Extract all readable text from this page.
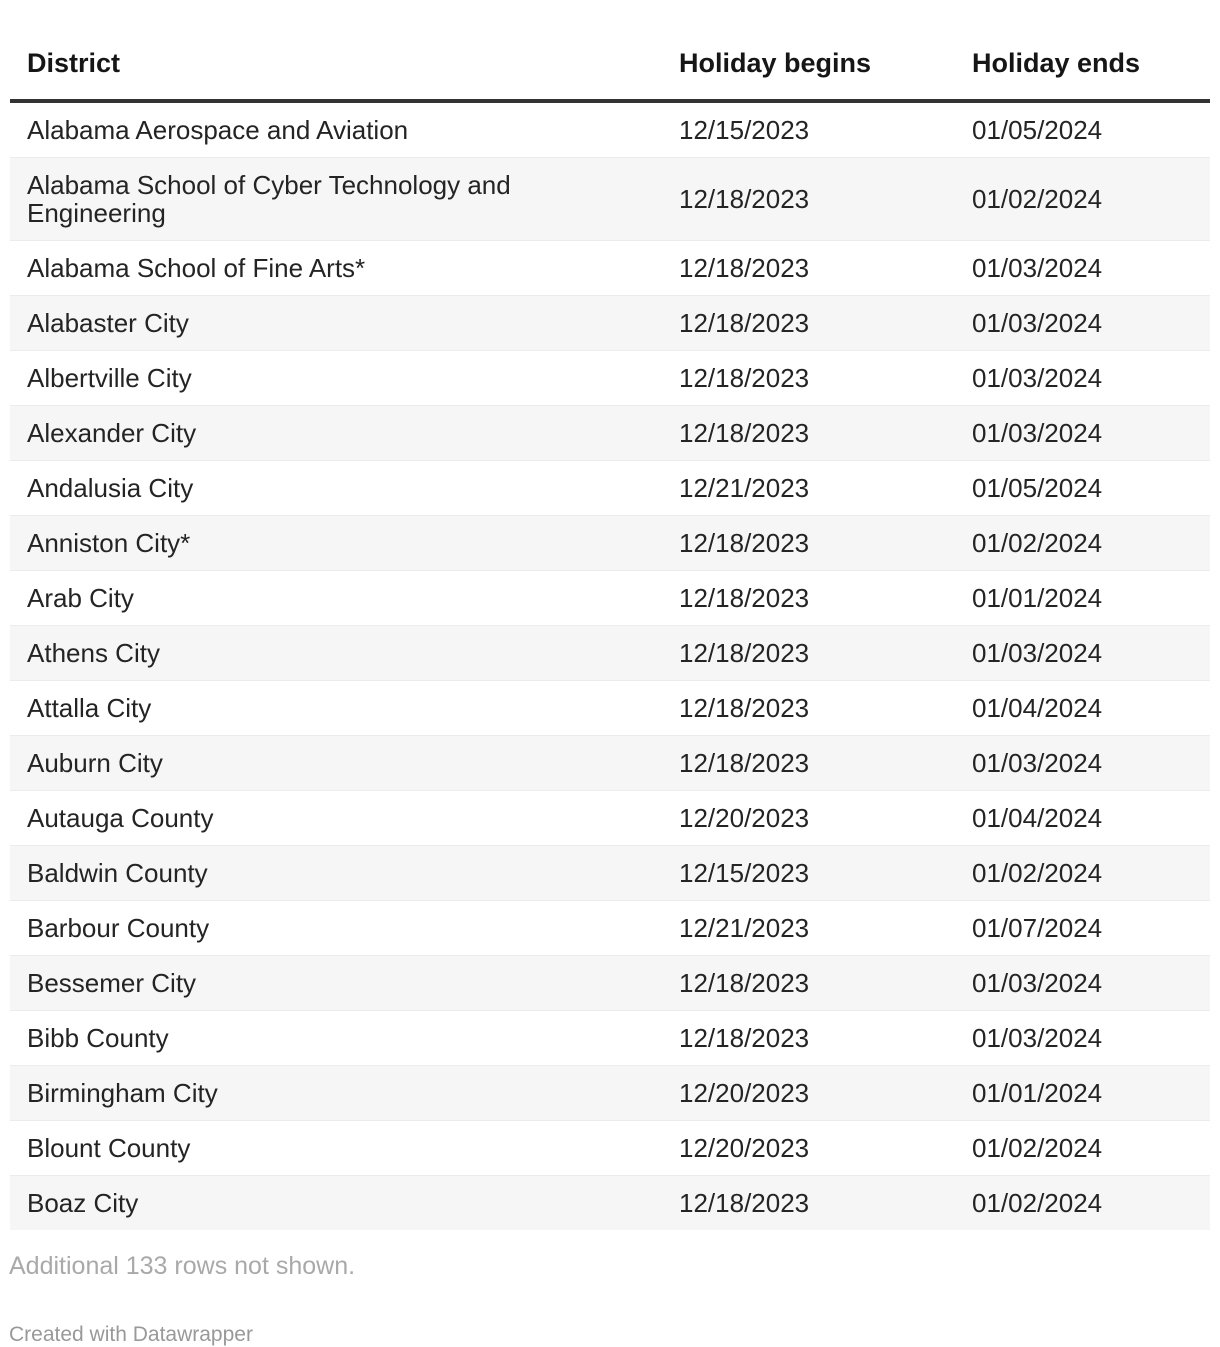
District	Holiday begins	Holiday ends
Alabama Aerospace and Aviation	12/15/2023	01/05/2024
Alabama School of Cyber Technology and Engineering	12/18/2023	01/02/2024
Alabama School of Fine Arts*	12/18/2023	01/03/2024
Alabaster City	12/18/2023	01/03/2024
Albertville City	12/18/2023	01/03/2024
Alexander City	12/18/2023	01/03/2024
Andalusia City	12/21/2023	01/05/2024
Anniston City*	12/18/2023	01/02/2024
Arab City	12/18/2023	01/01/2024
Athens City	12/18/2023	01/03/2024
Attalla City	12/18/2023	01/04/2024
Auburn City	12/18/2023	01/03/2024
Autauga County	12/20/2023	01/04/2024
Baldwin County	12/15/2023	01/02/2024
Barbour County	12/21/2023	01/07/2024
Bessemer City	12/18/2023	01/03/2024
Bibb County	12/18/2023	01/03/2024
Birmingham City	12/20/2023	01/01/2024
Blount County	12/20/2023	01/02/2024
Boaz City	12/18/2023	01/02/2024
Additional 133 rows not shown.
Created with Datawrapper
